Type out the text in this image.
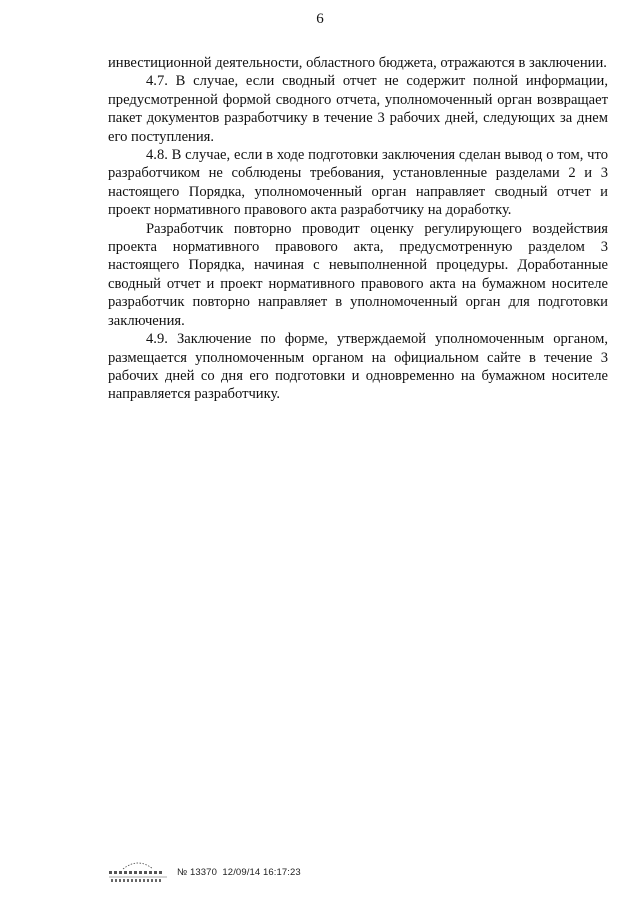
6

инвестиционной деятельности, областного бюджета, отражаются в заключении.

4.7. В случае, если сводный отчет не содержит полной информации, предусмотренной формой сводного отчета, уполномоченный орган возвращает пакет документов разработчику в течение 3 рабочих дней, следующих за днем его поступления.

4.8. В случае, если в ходе подготовки заключения сделан вывод о том, что разработчиком не соблюдены требования, установленные разделами 2 и 3 настоящего Порядка, уполномоченный орган направляет сводный отчет и проект нормативного правового акта разработчику на доработку.

Разработчик повторно проводит оценку регулирующего воздействия проекта нормативного правового акта, предусмотренную разделом 3 настоящего Порядка, начиная с невыполненной процедуры. Доработанные сводный отчет и проект нормативного правового акта на бумажном носителе разработчик повторно направляет в уполномоченный орган для подготовки заключения.

4.9. Заключение по форме, утверждаемой уполномоченным органом, размещается уполномоченным органом на официальном сайте в течение 3 рабочих дней со дня его подготовки и одновременно на бумажном носителе направляется разработчику.

№ 13370  12/09/14 16:17:23
